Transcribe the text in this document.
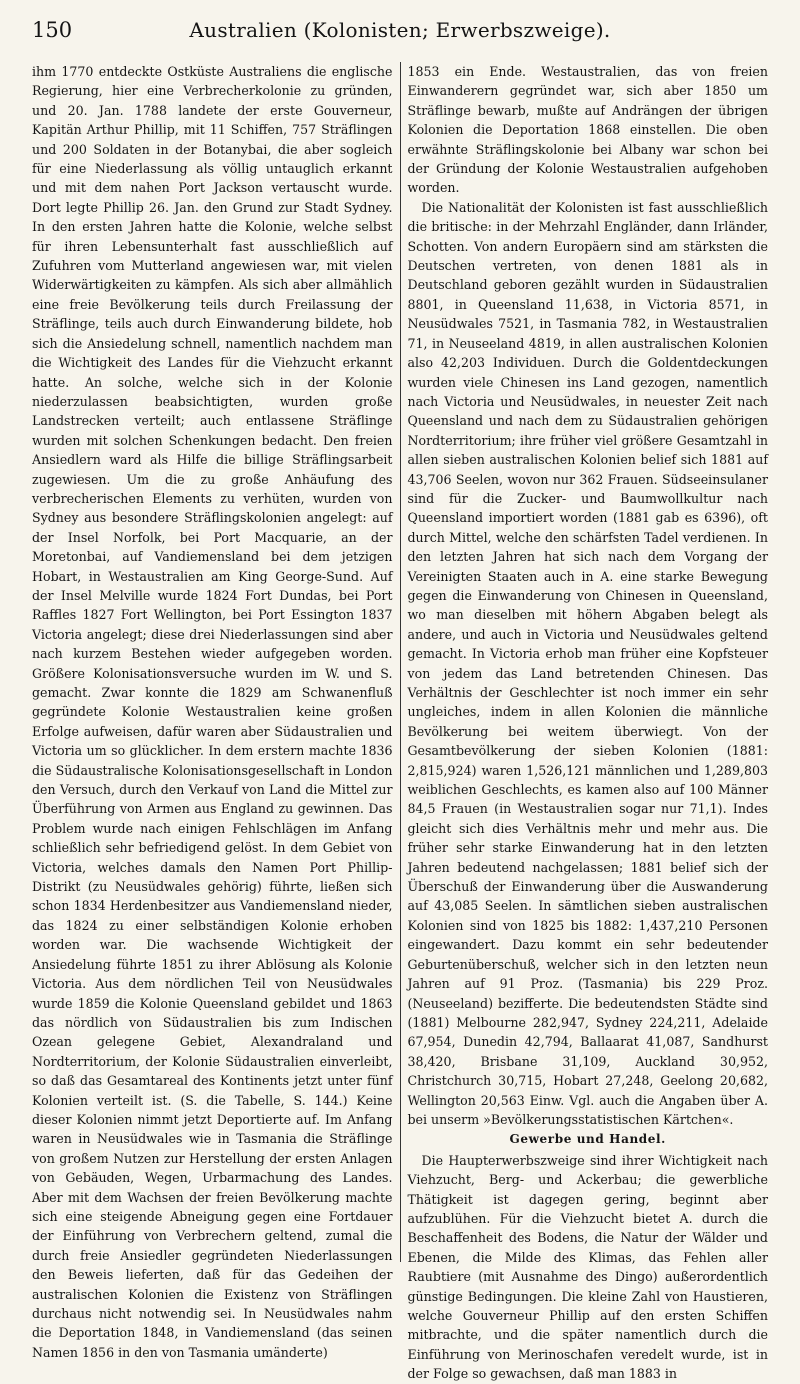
150	Australien (Kolonisten; Erwerbszweige).

ihm 1770 entdeckte Ostküste Australiens die englische Regierung, hier eine Verbrecherkolonie zu gründen, und 20. Jan. 1788 landete der erste Gouverneur, Kapitän Arthur Phillip, mit 11 Schiffen, 757 Sträflingen und 200 Soldaten in der Botanybai, die aber sogleich für eine Niederlassung als völlig untauglich erkannt und mit dem nahen Port Jackson vertauscht wurde. Dort legte Phillip 26. Jan. den Grund zur Stadt Sydney. In den ersten Jahren hatte die Kolonie, welche selbst für ihren Lebensunterhalt fast ausschließlich auf Zufuhren vom Mutterland angewiesen war, mit vielen Widerwärtigkeiten zu kämpfen. Als sich aber allmählich eine freie Bevölkerung teils durch Freilassung der Sträflinge, teils auch durch Einwanderung bildete, hob sich die Ansiedelung schnell, namentlich nachdem man die Wichtigkeit des Landes für die Viehzucht erkannt hatte. An solche, welche sich in der Kolonie niederzulassen beabsichtigten, wurden große Landstrecken verteilt; auch entlassene Sträflinge wurden mit solchen Schenkungen bedacht. Den freien Ansiedlern ward als Hilfe die billige Sträflingsarbeit zugewiesen. Um die zu große Anhäufung des verbrecherischen Elements zu verhüten, wurden von Sydney aus besondere Sträflingskolonien angelegt: auf der Insel Norfolk, bei Port Macquarie, an der Moretonbai, auf Vandiemensland bei dem jetzigen Hobart, in Westaustralien am King George-Sund. Auf der Insel Melville wurde 1824 Fort Dundas, bei Port Raffles 1827 Fort Wellington, bei Port Essington 1837 Victoria angelegt; diese drei Niederlassungen sind aber nach kurzem Bestehen wieder aufgegeben worden. Größere Kolonisationsversuche wurden im W. und S. gemacht. Zwar konnte die 1829 am Schwanenfluß gegründete Kolonie Westaustralien keine großen Erfolge aufweisen, dafür waren aber Südaustralien und Victoria um so glücklicher. In dem erstern machte 1836 die Südaustralische Kolonisationsgesellschaft in London den Versuch, durch den Verkauf von Land die Mittel zur Überführung von Armen aus England zu gewinnen. Das Problem wurde nach einigen Fehlschlägen im Anfang schließlich sehr befriedigend gelöst. In dem Gebiet von Victoria, welches damals den Namen Port Phillip-Distrikt (zu Neusüdwales gehörig) führte, ließen sich schon 1834 Herdenbesitzer aus Vandiemensland nieder, das 1824 zu einer selbständigen Kolonie erhoben worden war. Die wachsende Wichtigkeit der Ansiedelung führte 1851 zu ihrer Ablösung als Kolonie Victoria. Aus dem nördlichen Teil von Neusüdwales wurde 1859 die Kolonie Queensland gebildet und 1863 das nördlich von Südaustralien bis zum Indischen Ozean gelegene Gebiet, Alexandraland und Nordterritorium, der Kolonie Südaustralien einverleibt, so daß das Gesamtareal des Kontinents jetzt unter fünf Kolonien verteilt ist. (S. die Tabelle, S. 144.) Keine dieser Kolonien nimmt jetzt Deportierte auf. Im Anfang waren in Neusüdwales wie in Tasmania die Sträflinge von großem Nutzen zur Herstellung der ersten Anlagen von Gebäuden, Wegen, Urbarmachung des Landes. Aber mit dem Wachsen der freien Bevölkerung machte sich eine steigende Abneigung gegen eine Fortdauer der Einführung von Verbrechern geltend, zumal die durch freie Ansiedler gegründeten Niederlassungen den Beweis lieferten, daß für das Gedeihen der australischen Kolonien die Existenz von Sträflingen durchaus nicht notwendig sei. In Neusüdwales nahm die Deportation 1848, in Vandiemensland (das seinen Namen 1856 in den von Tasmania umänderte)

1853 ein Ende. Westaustralien, das von freien Einwanderern gegründet war, sich aber 1850 um Sträflinge bewarb, mußte auf Andrängen der übrigen Kolonien die Deportation 1868 einstellen. Die oben erwähnte Sträflingskolonie bei Albany war schon bei der Gründung der Kolonie Westaustralien aufgehoben worden.

Die Nationalität der Kolonisten ist fast ausschließlich die britische: in der Mehrzahl Engländer, dann Irländer, Schotten. Von andern Europäern sind am stärksten die Deutschen vertreten, von denen 1881 als in Deutschland geboren gezählt wurden in Südaustralien 8801, in Queensland 11,638, in Victoria 8571, in Neusüdwales 7521, in Tasmania 782, in Westaustralien 71, in Neuseeland 4819, in allen australischen Kolonien also 42,203 Individuen. Durch die Goldentdeckungen wurden viele Chinesen ins Land gezogen, namentlich nach Victoria und Neusüdwales, in neuester Zeit nach Queensland und nach dem zu Südaustralien gehörigen Nordterritorium; ihre früher viel größere Gesamtzahl in allen sieben australischen Kolonien belief sich 1881 auf 43,706 Seelen, wovon nur 362 Frauen. Südseeinsulaner sind für die Zucker- und Baumwollkultur nach Queensland importiert worden (1881 gab es 6396), oft durch Mittel, welche den schärfsten Tadel verdienen. In den letzten Jahren hat sich nach dem Vorgang der Vereinigten Staaten auch in A. eine starke Bewegung gegen die Einwanderung von Chinesen in Queensland, wo man dieselben mit höhern Abgaben belegt als andere, und auch in Victoria und Neusüdwales geltend gemacht. In Victoria erhob man früher eine Kopfsteuer von jedem das Land betretenden Chinesen. Das Verhältnis der Geschlechter ist noch immer ein sehr ungleiches, indem in allen Kolonien die männliche Bevölkerung bei weitem überwiegt. Von der Gesamtbevölkerung der sieben Kolonien (1881: 2,815,924) waren 1,526,121 männlichen und 1,289,803 weiblichen Geschlechts, es kamen also auf 100 Männer 84,5 Frauen (in Westaustralien sogar nur 71,1). Indes gleicht sich dies Verhältnis mehr und mehr aus. Die früher sehr starke Einwanderung hat in den letzten Jahren bedeutend nachgelassen; 1881 belief sich der Überschuß der Einwanderung über die Auswanderung auf 43,085 Seelen. In sämtlichen sieben australischen Kolonien sind von 1825 bis 1882: 1,437,210 Personen eingewandert. Dazu kommt ein sehr bedeutender Geburtenüberschuß, welcher sich in den letzten neun Jahren auf 91 Proz. (Tasmania) bis 229 Proz. (Neuseeland) bezifferte. Die bedeutendsten Städte sind (1881) Melbourne 282,947, Sydney 224,211, Adelaide 67,954, Dunedin 42,794, Ballaarat 41,087, Sandhurst 38,420, Brisbane 31,109, Auckland 30,952, Christchurch 30,715, Hobart 27,248, Geelong 20,682, Wellington 20,563 Einw. Vgl. auch die Angaben über A. bei unserm »Bevölkerungsstatistischen Kärtchen«.

Gewerbe und Handel.

Die Haupterwerbszweige sind ihrer Wichtigkeit nach Viehzucht, Berg- und Ackerbau; die gewerbliche Thätigkeit ist dagegen gering, beginnt aber aufzublühen. Für die Viehzucht bietet A. durch die Beschaffenheit des Bodens, die Natur der Wälder und Ebenen, die Milde des Klimas, das Fehlen aller Raubtiere (mit Ausnahme des Dingo) außerordentlich günstige Bedingungen. Die kleine Zahl von Haustieren, welche Gouverneur Phillip auf den ersten Schiffen mitbrachte, und die später namentlich durch die Einführung von Merinoschafen veredelt wurde, ist in der Folge so gewachsen, daß man 1883 in
